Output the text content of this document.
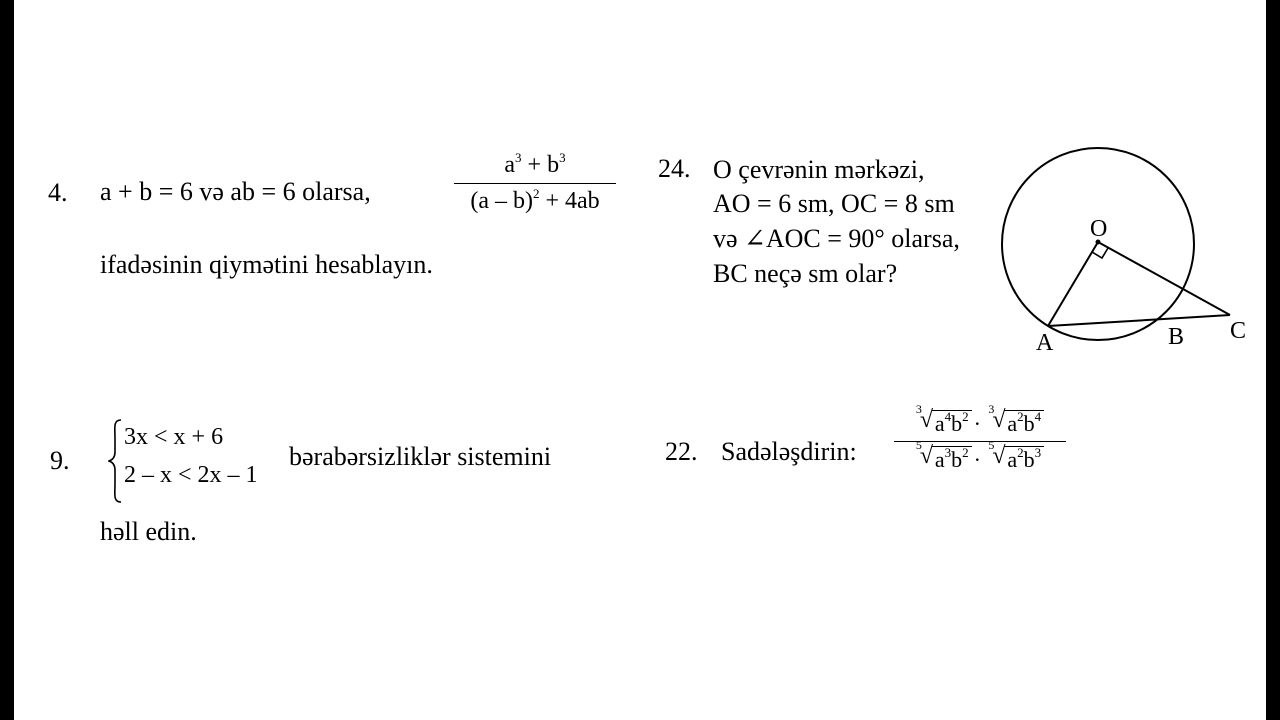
4. a + b = 6 və ab = 6 olarsa,
$a^3 + b^3$
(a – b)$^2$ + 4ab
ifadəsinin qiymətini hesablayın.
24. O çevrənin mərkəzi,
AO = 6 sm, OC = 8 sm
və ∠AOC = 90° olarsa,
BC neçə sm olar?
O
A	B C
9.
3x < x + 6
2 – x < 2x – 1
bərabərsizliklər sistemini
həll edin.
22. Sadələşdirin:
3
√ $a^4b^2$ ·
3
√ $a^2b^4$
5
√ $a^3b^2$ ·
5
√ $a^2b^3$
